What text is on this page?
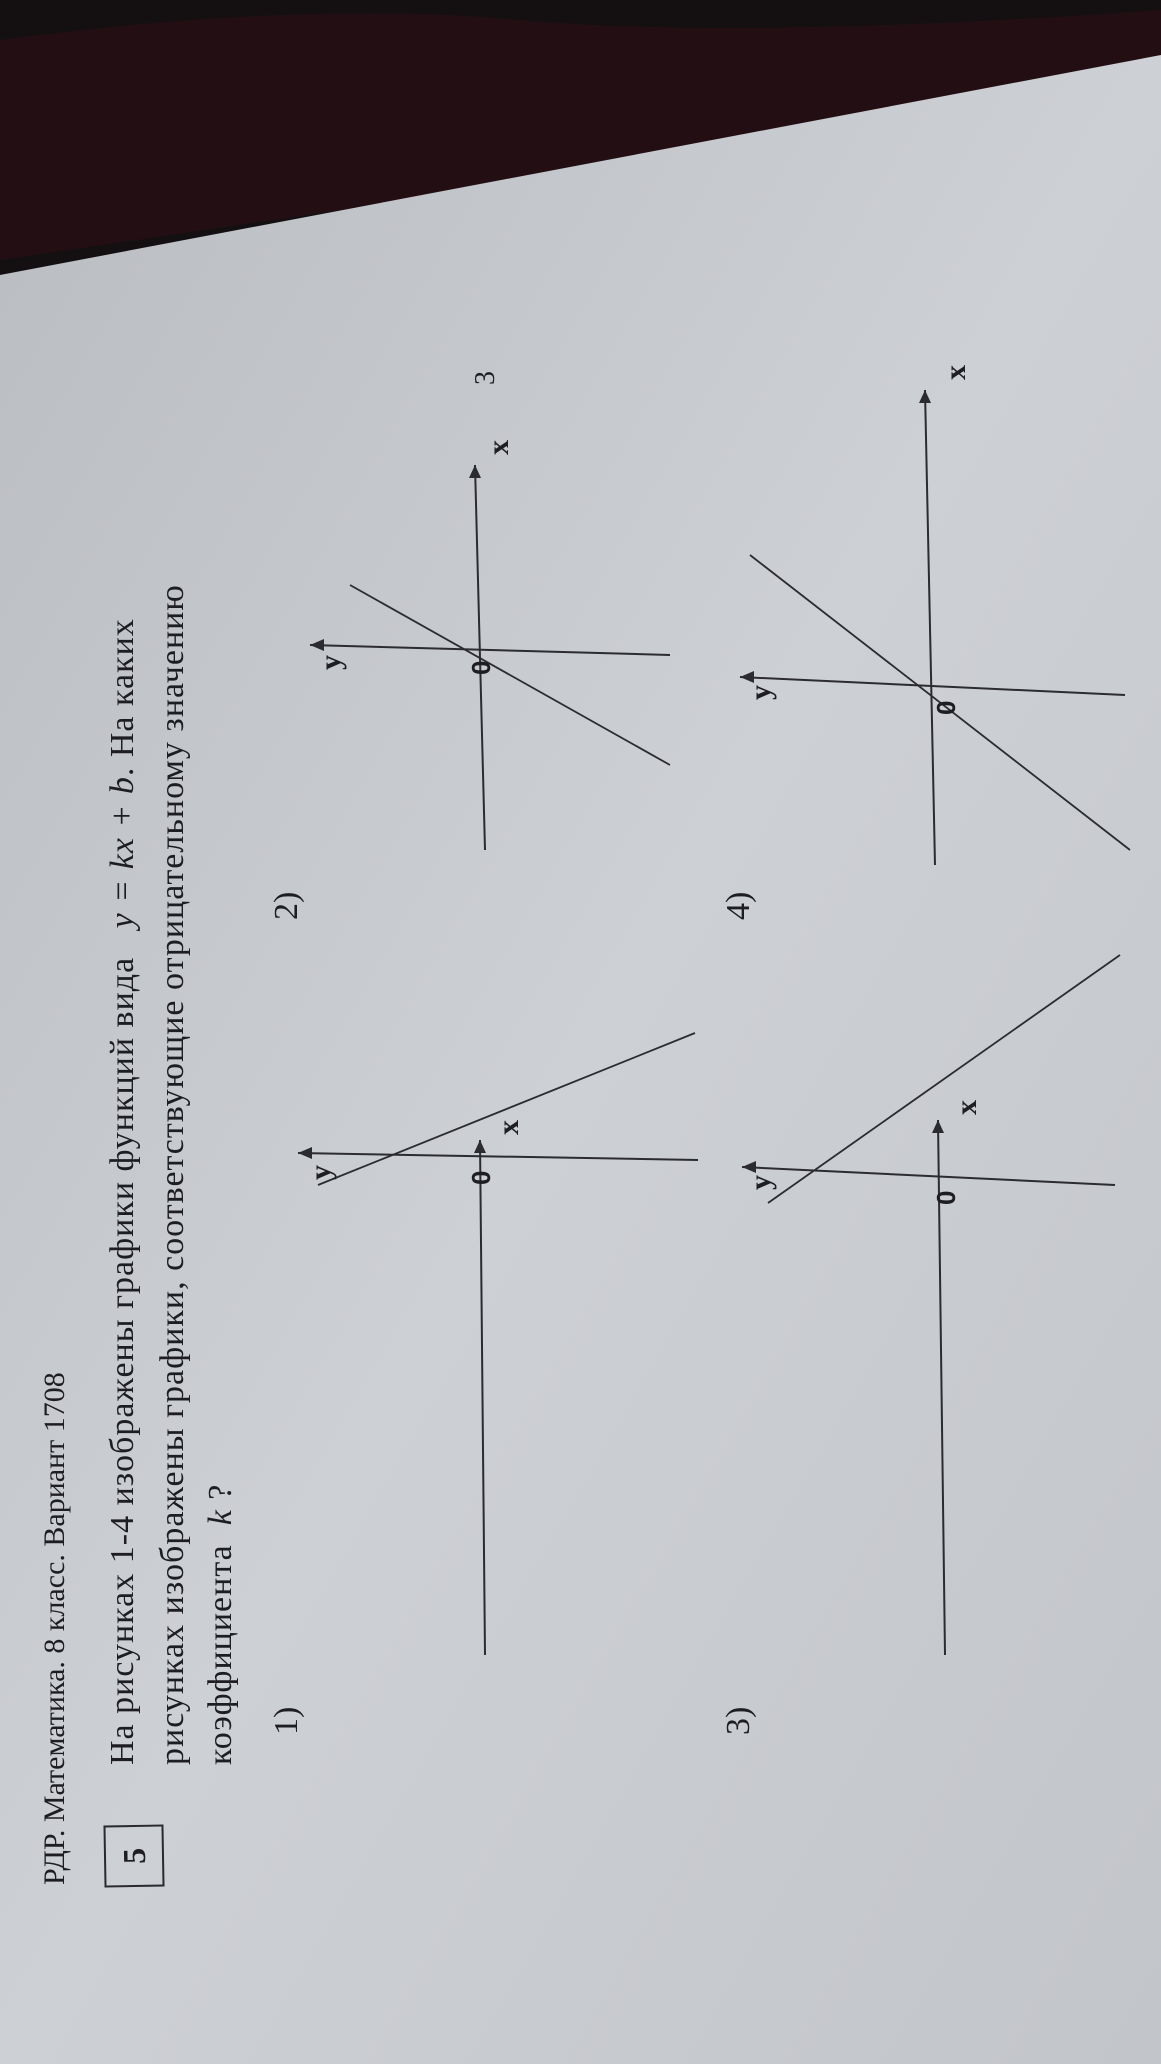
РДР. Математика. 8 класс. Вариант 1708
3
5
На рисунках 1-4 изображены графики функций вида   y = kx + b. На каких рисунках изображены графики, соответствующие отрицательному значению коэффициента  k ?
1)
2)
3)
4)
x
y	0
x
y	0
x
y
0
x
y
0
